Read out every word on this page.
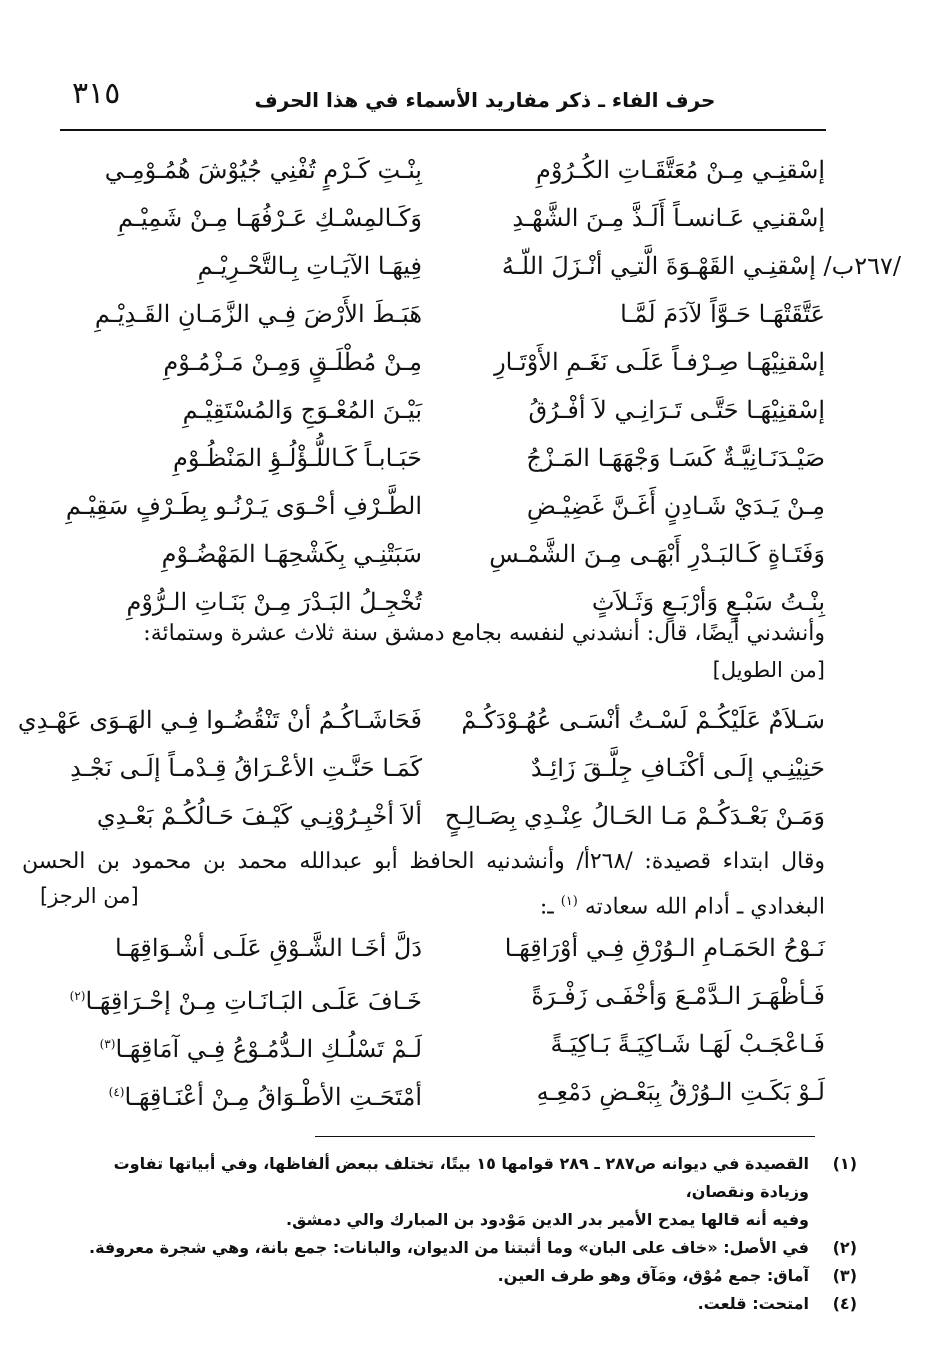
٣١٥	حرف الفاء ـ ذكر مفاريد الأسماء في هذا الحرف
إسْقنِـي مِـنْ مُعَتَّقَـاتِ الكُـرُوْمِ
بِنْـتِ كَـرْمٍ تُفْنِي جُيُوْشَ هُمُـوْمِـي
إسْقنـِي عَـانسـاً أَلَـذَّ مِـنَ الشَّهْـدِ
وَكَـالمِسْـكِ عَـرْفُهَـا مِـنْ شَمِيْـمِ
/٢٦٧ب/ إسْقنِـي القَهْـوَةَ الَّتـِي أنْـزَلَ اللّـهُ
فِيهَـا الآيَـاتِ بِـالتَّحْـرِيْـمِ
عَتَّقَتْهَـا حَـوَّاً لآدَمَ لَمَّـا
هَبَـطَ الأَرْضَ فِـي الزَّمَـانِ القَـدِيْـمِ
إسْقنِيْهَـا صِـرْفـاً عَلَـى نَغَـمِ الأَوْتَـارِ
مِـنْ مُطْلَـقٍ وَمِـنْ مَـزْمُـوْمِ
إسْقنِيْهَـا حَتَّـى تَـرَانِـي لاَ أفْـرُقُ
بَيْـنَ المُعْـوَجِ وَالمُسْتَقِيْـمِ
صَيْـدَنَـانِيَّـةٌ كَسَـا وَجْهَهَـا المَـزْجُ
حَبَـابـاً كَـاللُّـؤْلُـؤِ المَنْظُـوْمِ
مِـنْ يَـدَيْ شَـادِنٍ أَغَـنَّ غَضِيْـضِ
الطَّـرْفِ أحْـوَى يَـرْنُـو بِطَـرْفٍ سَقِيْـمِ
وَفَتَـاةٍ كَـالبَـدْرِ أَبْهَـى مِـنَ الشَّمْـسِ
سَبَتْنِـي بِكَشْحِهَـا المَهْضُـوْمِ
بِنْـتُ سَبْـعٍ وَأرْبَـعٍ وَثَـلاَثٍ
تُخْجِـلُ البَـدْرَ مِـنْ بَنَـاتِ الـرُّوْمِ
وأنشدني أيضًا، قال: أنشدني لنفسه بجامع دمشق سنة ثلاث عشرة وستمائة:
[من الطويل]
سَـلاَمٌ عَلَيْكُـمْ لَسْـتُ أنْسَـى عُهُـوْدَكُـمْ
فَحَاشَـاكُـمُ أنْ تَنْقُضُـوا فِـي الهَـوَى عَهْـدِي
حَنِيْنِـي إلَـى أكْنَـافِ جِلَّـقَ زَائِـدٌ
كَمَـا حَنَّـتِ الأعْـرَاقُ قِـدْمـاً إلَـى نَجْـدِ
وَمَـنْ بَعْـدَكُـمْ مَـا الحَـالُ عِنْـدِي بِصَـالِـحٍ
ألاَ أخْبِـرُوْنِـي كَيْـفَ حَـالُكُـمْ بَعْـدِي
وقال ابتداء قصيدة: /٢٦٨أ/ وأنشدنيه الحافظ أبو عبدالله محمد بن محمود بن الحسن البغدادي ـ أدام الله سعادته $^{(١)}$ ـ:
[من الرجز]
نَـوْحُ الحَمَـامِ الـوُرْقِ فِـي أوْرَاقِهَـا
دَلَّ أخَـا الشَّـوْقِ عَلَـى أشْـوَاقِهَـا
فَـأظْهَـرَ الـدَّمْـعَ وَأخْفَـى زَفْـرَةً
خَـافَ عَلَـى البَـانَـاتِ مِـنْ إحْـرَاقِهَـا$^{(٢)}$
فَـاعْجَـبْ لَهَـا شَـاكِيَـةً بَـاكِيَـةً
لَـمْ تَسْلُـكِ الـدُّمُـوْعُ فِـي آمَاقِهَـا$^{(٣)}$
لَـوْ بَكَـتِ الـوُرْقُ بِبَعْـضِ دَمْعِـهِ
أمْتَحَـتِ الأطْـوَاقُ مِـنْ أعْنَـاقِهَـا$^{(٤)}$
(١)
القصيدة في ديوانه ص٢٨٧ ـ ٢٨٩ قوامها ١٥ بيتًا، تختلف ببعض ألفاظها، وفي أبياتها تفاوت وزيادة ونقصان،
وفيه أنه قالها يمدح الأمير بدر الدين مَوْدود بن المبارك والي دمشق.
(٢)
في الأصل: «خاف على البان» وما أثبتنا من الديوان، والبانات: جمع بانة، وهي شجرة معروفة.
(٣)
آماق: جمع مُوْق، ومَآق وهو طرف العين.
(٤)
امتحت: قلعت.
